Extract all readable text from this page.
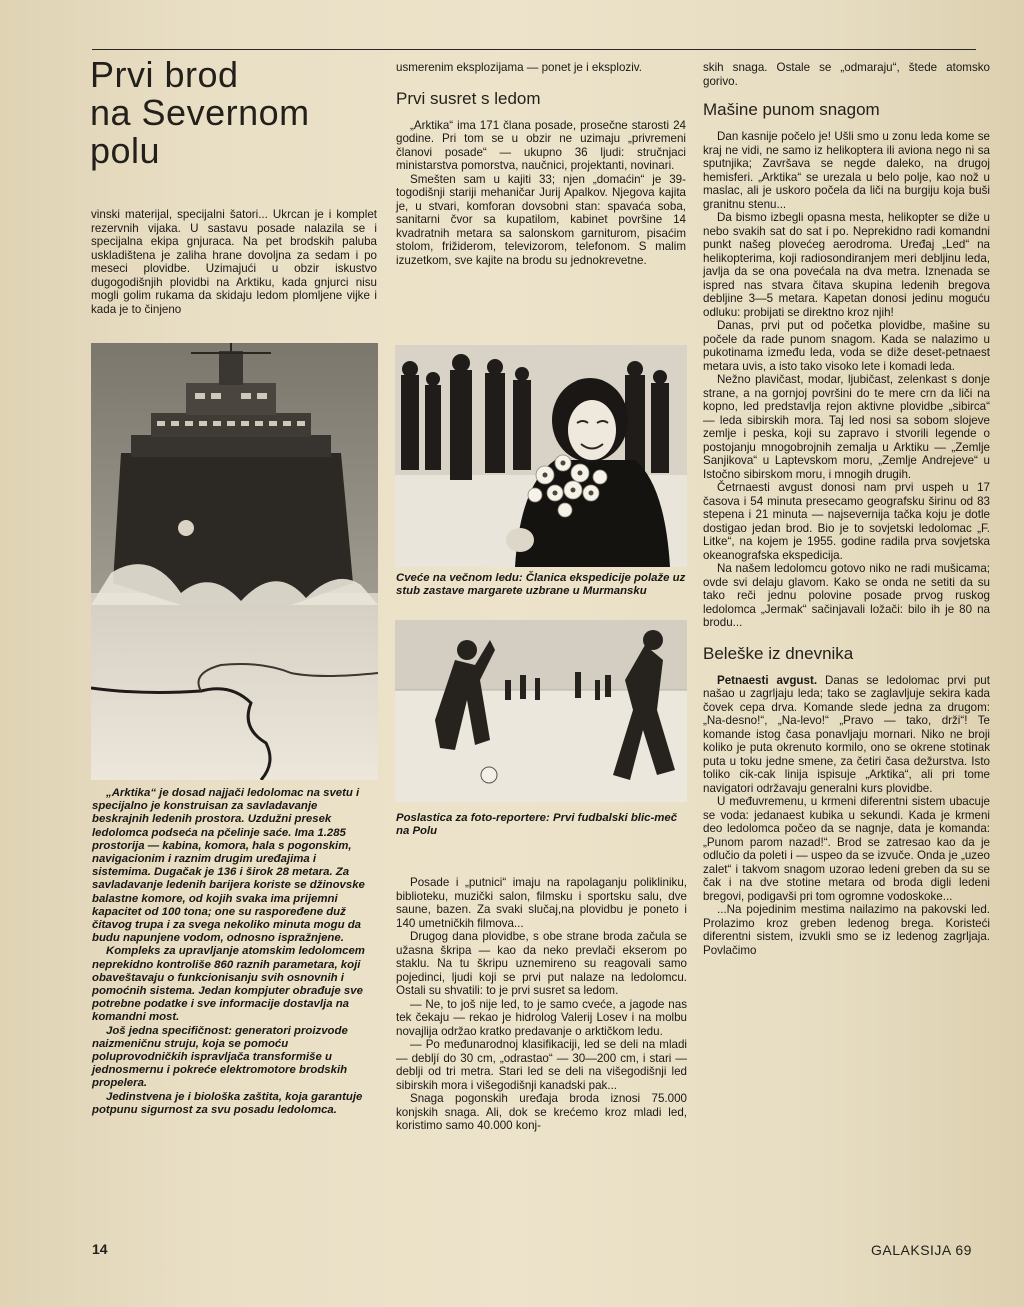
Prvi brod
na Severnom
polu

vinski materijal, specijalni šatori... Ukrcan je i komplet rezervnih vijaka. U sastavu posade nalazila se i specijalna ekipa gnjuraca. Na pet brodskih paluba uskladištena je zaliha hrane dovoljna za sedam i po meseci plovidbe. Uzimajući u obzir iskustvo dugogodišnjih plovidbi na Arktiku, kada gnjurci nisu mogli golim rukama da skidaju ledom plomljene vijke i kada je to činjeno

„Arktika“ je dosad najjači ledolomac na svetu i specijalno je konstruisan za savladavanje beskrajnih ledenih prostora. Uzdužni presek ledolomca podseća na pčelinje saće. Ima 1.285 prostorija — kabina, komora, hala s pogonskim, navigacionim i raznim drugim uređajima i sistemima. Dugačak je 136 i širok 28 metara. Za savladavanje ledenih barijera koriste se džinovske balastne komore, od kojih svaka ima prijemni kapacitet od 100 tona; one su raspoređene duž čitavog trupa i za svega nekoliko minuta mogu da budu napunjene vodom, odnosno ispražnjene.

Kompleks za upravljanje atomskim ledolomcem neprekidno kontroliše 860 raznih parametara, koji obaveštavaju o funkcionisanju svih osnovnih i pomoćnih sistema. Jedan kompjuter obrađuje sve potrebne podatke i sve informacije dostavlja na komandni most.

Još jedna specifičnost: generatori proizvode naizmeničnu struju, koja se pomoću poluprovodničkih ispravljača transformiše u jednosmernu i pokreće elektromotore brodskih propelera.

Jedinstvena je i biološka zaštita, koja garantuje potpunu sigurnost za svu posadu ledolomca.

usmerenim eksplozijama — ponet je i eksploziv.

Prvi susret s ledom

„Arktika“ ima 171 člana posade, prosečne starosti 24 godine. Pri tom se u obzir ne uzimaju „privremeni članovi posade“ — ukupno 36 ljudi: stručnjaci ministarstva pomorstva, naučnici, projektanti, novinari.

Smešten sam u kajiti 33; njen „domaćin“ je 39-togodišnji stariji mehaničar Jurij Apalkov. Njegova kajita je, u stvari, komforan dovsobni stan: spavaća soba, sanitarni čvor sa kupatilom, kabinet površine 14 kvadratnih metara sa salonskom garniturom, pisaćim stolom, frižiderom, televizorom, telefonom. S malim izuzetkom, sve kajite na brodu su jednokrevetne.

Cveće na večnom ledu: Članica ekspedicije polaže uz stub zastave margarete uzbrane u Murmansku

Poslastica za foto-reportere: Prvi fudbalski blic-meč na Polu

Posade i „putnici“ imaju na rapolaganju polikliniku, biblioteku, muzički salon, filmsku i sportsku salu, dve saune, bazen. Za svaki slučaj,na plovidbu je poneto i 140 umetničkih filmova...

Drugog dana plovidbe, s obe strane broda začula se užasna škripa — kao da neko prevlači ekserom po staklu. Na tu škripu uznemireno su reagovali samo pojedinci, ljudi koji se prvi put nalaze na ledolomcu. Ostali su shvatili: to je prvi susret sa ledom.

— Ne, to još nije led, to je samo cveće, a jagode nas tek čekaju — rekao je hidrolog Valerij Losev i na molbu novajlija održao kratko predavanje o arktičkom ledu.

— Po međunarodnoj klasifikaciji, led se deli na mladi — debljí do 30 cm, „odrastao“ — 30—200 cm, i stari — deblji od tri metra. Stari led se deli na višegodišnji led sibirskih mora i višegodišnji kanadski pak...

Snaga pogonskih uređaja broda iznosi 75.000 konjskih snaga. Ali, dok se krećemo kroz mladi led, koristimo samo 40.000 konj-

skih snaga. Ostale se „odmaraju“, štede atomsko gorivo.

Mašine punom snagom

Dan kasnije počelo je! Ušli smo u zonu leda kome se kraj ne vidi, ne samo iz helikoptera ili aviona nego ni sa sputnjika; Završava se negde daleko, na drugoj hemisferi. „Arktika“ se urezala u belo polje, kao nož u maslac, ali je uskoro počela da liči na burgiju koja buši granitnu stenu...

Da bismo izbegli opasna mesta, helikopter se diže u nebo svakih sat do sat i po. Neprekidno radi komandni punkt našeg plovećeg aerodroma. Uređaj „Led“ na helikopterima, koji radiosondiranjem meri debljinu leda, javlja da se ona povećala na dva metra. Iznenada se ispred nas stvara čitava skupina ledenih bregova debljine 3—5 metara. Kapetan donosi jedinu moguću odluku: probijati se direktno kroz njih!

Danas, prvi put od početka plovidbe, mašine su počele da rade punom snagom. Kada se nalazimo u pukotinama između leda, voda se diže deset-petnaest metara uvis, a isto tako visoko lete i komadi leda.

Nežno plavičast, modar, ljubičast, zelenkast s donje strane, a na gornjoj površini do te mere crn da liči na kopno, led predstavlja rejon aktivne plovidbe „sibirca“ — leda sibirskih mora. Taj led nosi sa sobom slojeve zemlje i peska, koji su zapravo i stvorili legende o postojanju mnogobrojnih zemalja u Arktiku — „Zemlje Sanjikova“ u Laptevskom moru, „Zemlje Andrejeve“ u Istočno sibirskom moru, i mnogih drugih.

Četrnaesti avgust donosi nam prvi uspeh u 17 časova i 54 minuta presecamo geografsku širinu od 83 stepena i 21 minuta — najsevernija tačka koju je dotle dostigao jedan brod. Bio je to sovjetski ledolomac „F. Litke“, na kojem je 1955. godine radila prva sovjetska okeanografska ekspedicija.

Na našem ledolomcu gotovo niko ne radi mušicama; ovde svi delaju glavom. Kako se onda ne setiti da su tako reči jednu polovine posade prvog ruskog ledolomca „Jermak“ sačinjavali ložači: bilo ih je 80 na brodu...

Beleške iz dnevnika

Petnaesti avgust. Danas se ledolomac prvi put našao u zagrljaju leda; tako se zaglavljuje sekira kada čovek cepa drva. Komande slede jedna za drugom: „Na-desno!“, „Na-levo!“ „Pravo — tako, drži“! Te komande istog časa ponavljaju mornari. Niko ne broji koliko je puta okrenuto kormilo, ono se okrene stotinak puta u toku jedne smene, za četiri časa dežurstva. Isto toliko cik-cak linija ispisuje „Arktika“, ali pri tome navigatori održavaju generalni kurs plovidbe.

U međuvremenu, u krmeni diferentni sistem ubacuje se voda: jedanaest kubika u sekundi. Kada je krmeni deo ledolomca počeo da se nagnje, data je komanda: „Punom parom nazad!“. Brod se zatresao kao da je odlučio da poleti i — uspeo da se izvuče. Onda je „uzeo zalet“ i takvom snagom uzorao ledeni greben da su se čak i na dve stotine metara od broda digli ledeni bregovi, podigavši pri tom ogromne vodoskoke...

...Na pojedinim mestima nailazimo na pakovski led. Prolazimo kroz greben ledenog brega. Koristeći diferentni sistem, izvukli smo se iz ledenog zagrljaja. Povlačimo

14	GALAKSIJA 69
